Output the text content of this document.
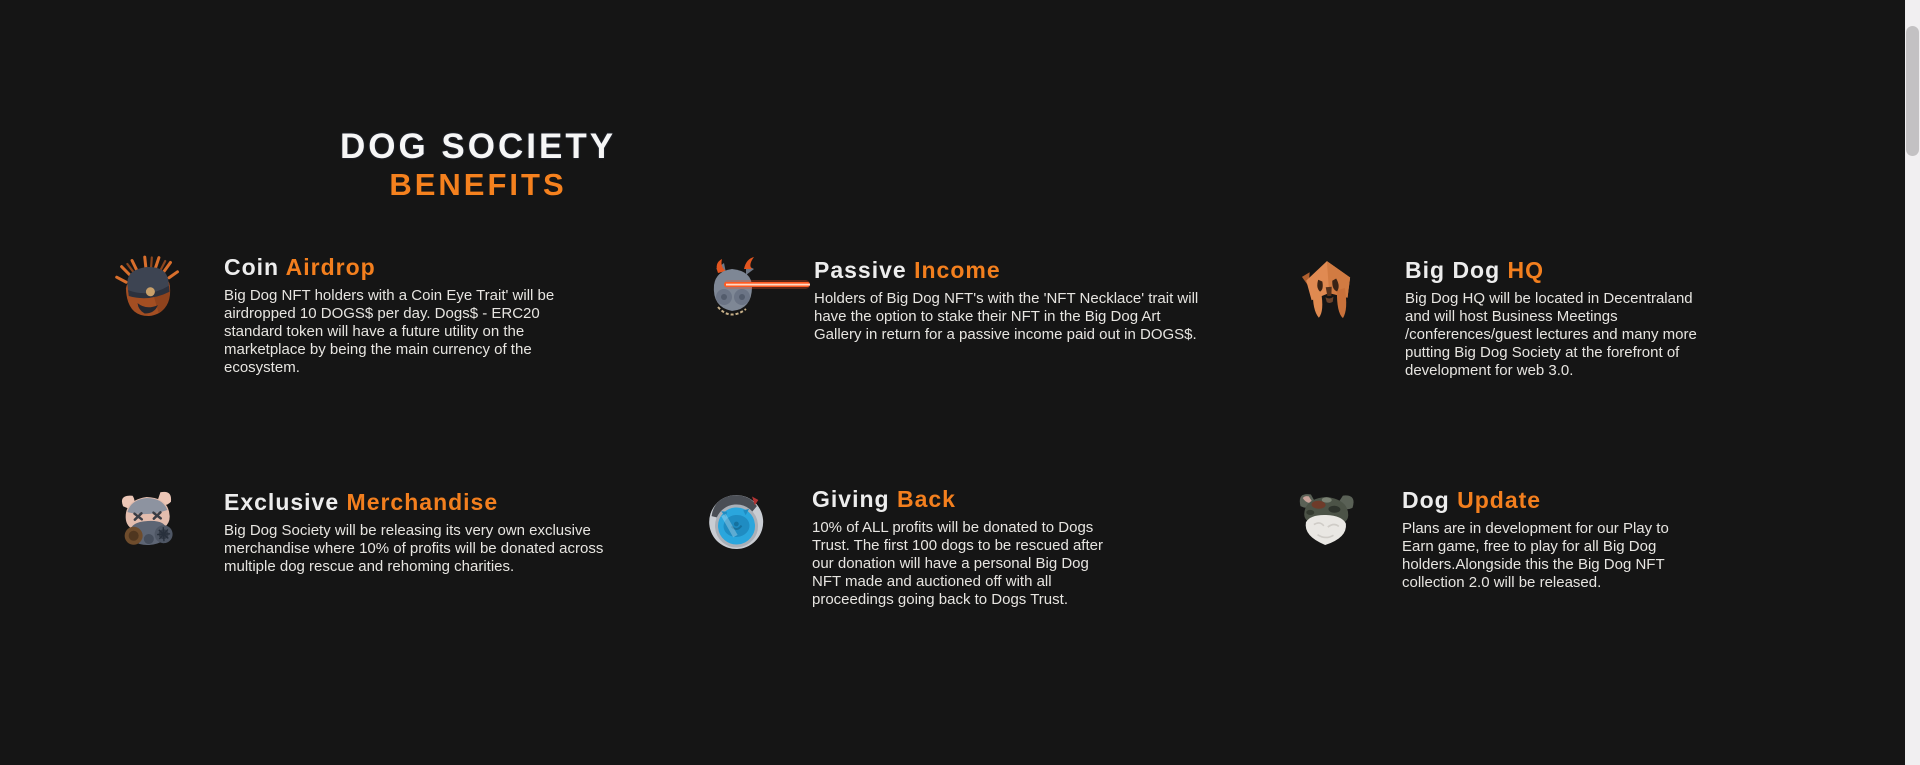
DOG SOCIETY
BENEFITS
Coin Airdrop

Big Dog NFT holders with a Coin Eye Trait' will be airdropped 10 DOGS$ per day. Dogs$ - ERC20 standard token will have a future utility on the marketplace by being the main currency of the ecosystem.

Passive Income

Holders of Big Dog NFT's with the 'NFT Necklace' trait will have the option to stake their NFT in the Big Dog Art Gallery in return for a passive income paid out in DOGS$.

Big Dog HQ

Big Dog HQ will be located in Decentraland and will host Business Meetings /conferences/guest lectures and many more putting Big Dog Society at the forefront of development for web 3.0.

Exclusive Merchandise

Big Dog Society will be releasing its very own exclusive merchandise where 10% of profits will be donated across multiple dog rescue and rehoming charities.

Giving Back

10% of ALL profits will be donated to Dogs Trust. The first 100 dogs to be rescued after our donation will have a personal Big Dog NFT made and auctioned off with all proceedings going back to Dogs Trust.

Dog Update

Plans are in development for our Play to Earn game, free to play for all Big Dog holders.Alongside this the Big Dog NFT collection 2.0 will be released.
